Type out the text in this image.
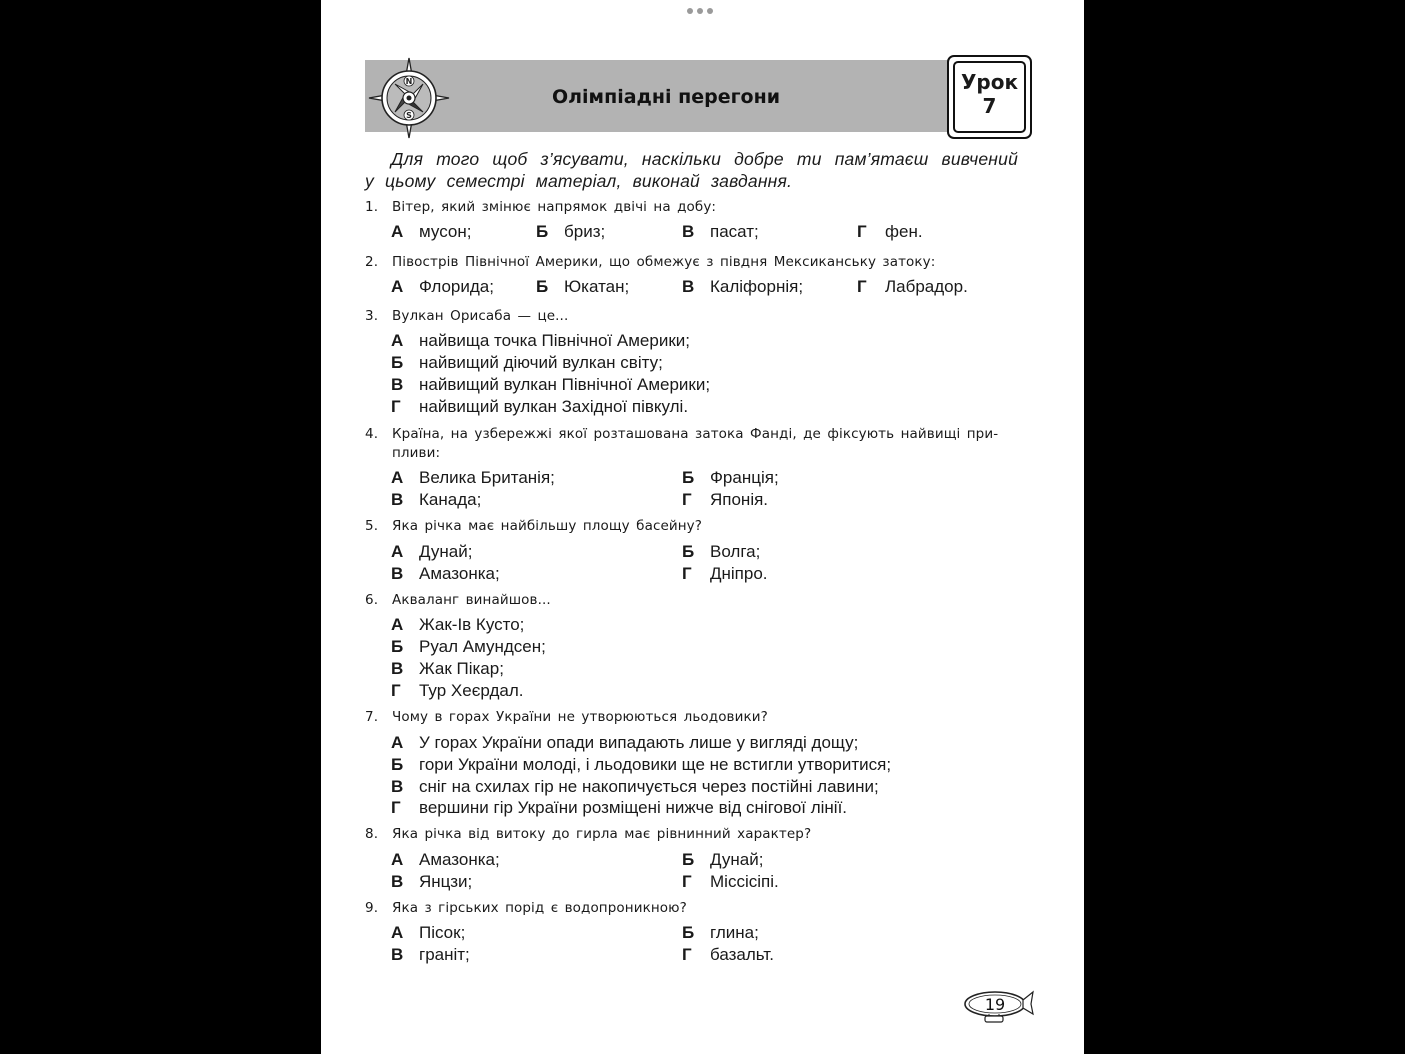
N
S
Олімпіадні перегони
Урок
7
Для того щоб з’ясувати, наскільки добре ти пам’ятаєш вивчений у цьому семестрі матеріал, виконай завдання.
1. Вітер, який змінює напрямок двічі на добу:
А мусон;	Б бриз;	В пасат;	Г фен.
2. Півострів Північної Америки, що обмежує з півдня Мексиканську затоку:
А Флорида; Б Юкатан;	В Каліфорнія;	Г Лабрадор.
3. Вулкан Орисаба — це...
А найвища точка Північної Америки;
Б найвищий діючий вулкан світу;
В найвищий вулкан Північної Америки;
Г найвищий вулкан Західної півкулі.
4. Країна, на узбережжі якої розташована затока Фанді, де фіксують найвищі при-
пливи:
А Велика Британія;	Б Франція;
В Канада;	Г Японія.
5. Яка річка має найбільшу площу басейну?
А Дунай;	Б Волга;
В Амазонка;	Г Дніпро.
6. Акваланг винайшов...
А Жак-Ів Кусто;
Б Руал Амундсен;
В Жак Пікар;
Г Тур Хеєрдал.
7. Чому в горах України не утворюються льодовики?
А У горах України опади випадають лише у вигляді дощу;
Б гори України молоді, і льодовики ще не встигли утворитися;
В сніг на схилах гір не накопичується через постійні лавини;
Г вершини гір України розміщені нижче від снігової лінії.
8. Яка річка від витоку до гирла має рівнинний характер?
А Амазонка;	Б Дунай;
В Янцзи;	Г Міссісіпі.
9. Яка з гірських порід є водопроникною?
А Пісок;	Б глина;
В граніт;	Г базальт.
19
